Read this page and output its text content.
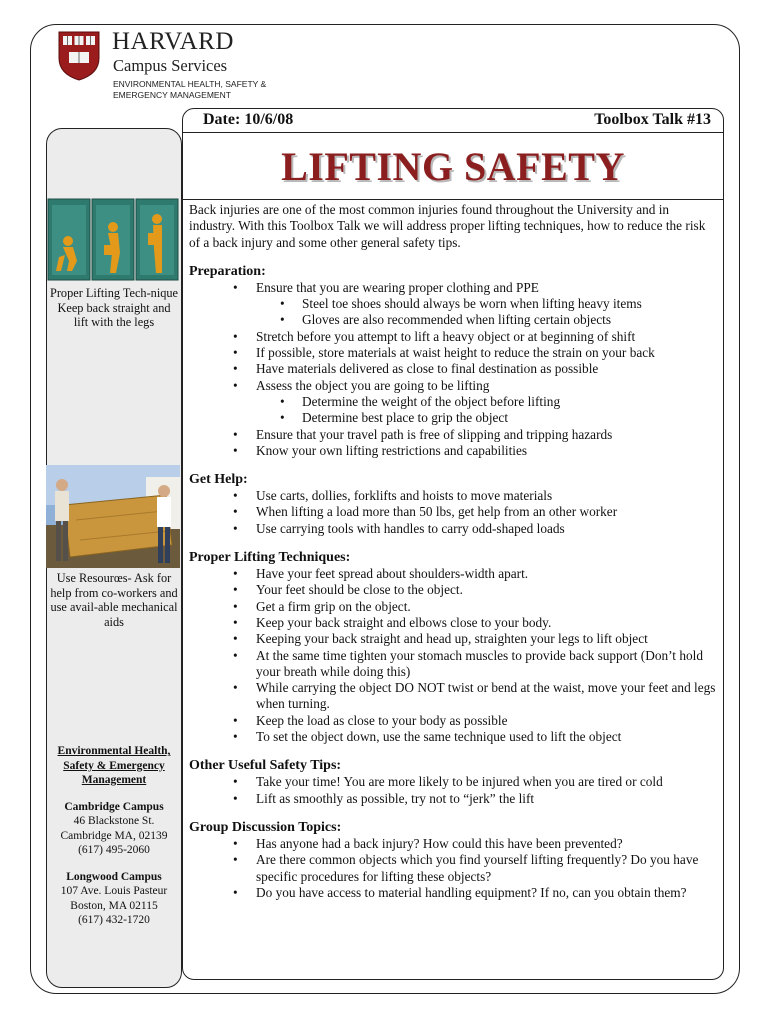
HARVARD
Campus Services
ENVIRONMENTAL HEALTH, SAFETY &
EMERGENCY MANAGEMENT
Proper Lifting Tech-nique Keep back straight and lift with the legs
Use Resourœs- Ask for help from co-workers and use avail-able mechanical aids
Environmental Health, Safety & Emergency Management
Cambridge Campus
46 Blackstone St.
Cambridge MA, 02139
(617) 495-2060
Longwood Campus
107 Ave. Louis Pasteur
Boston, MA 02115
(617) 432-1720
Date: 10/6/08	Toolbox Talk #13
LIFTING SAFETY

Back injuries are one of the most common injuries found throughout the University and in industry. With this Toolbox Talk we will address proper lifting techniques, how to reduce the risk of a back injury and some other general safety tips.

Preparation:
• Ensure that you are wearing proper clothing and PPE
• Steel toe shoes should always be worn when lifting heavy items
• Gloves are also recommended when lifting certain objects
• Stretch before you attempt to lift a heavy object or at beginning of shift
• If possible, store materials at waist height to reduce the strain on your back
• Have materials delivered as close to final destination as possible
• Assess the object you are going to be lifting
• Determine the weight of the object before lifting
• Determine best place to grip the object
• Ensure that your travel path is free of slipping and tripping hazards
• Know your own lifting restrictions and capabilities
Get Help:
• Use carts, dollies, forklifts and hoists to move materials
• When lifting a load more than 50 lbs, get help from an other worker
• Use carrying tools with handles to carry odd-shaped loads
Proper Lifting Techniques:
• Have your feet spread about shoulders-width apart.
• Your feet should be close to the object.
• Get a firm grip on the object.
• Keep your back straight and elbows close to your body.
• Keeping your back straight and head up, straighten your legs to lift object
• At the same time tighten your stomach muscles to provide back support (Don’t hold your breath while doing this)
• While carrying the object DO NOT twist or bend at the waist, move your feet and legs when turning.
• Keep the load as close to your body as possible
• To set the object down, use the same technique used to lift the object
Other Useful Safety Tips:
• Take your time! You are more likely to be injured when you are tired or cold
• Lift as smoothly as possible, try not to “jerk” the lift
Group Discussion Topics:
• Has anyone had a back injury? How could this have been prevented?
• Are there common objects which you find yourself lifting frequently? Do you have specific procedures for lifting these objects?
• Do you have access to material handling equipment? If no, can you obtain them?
